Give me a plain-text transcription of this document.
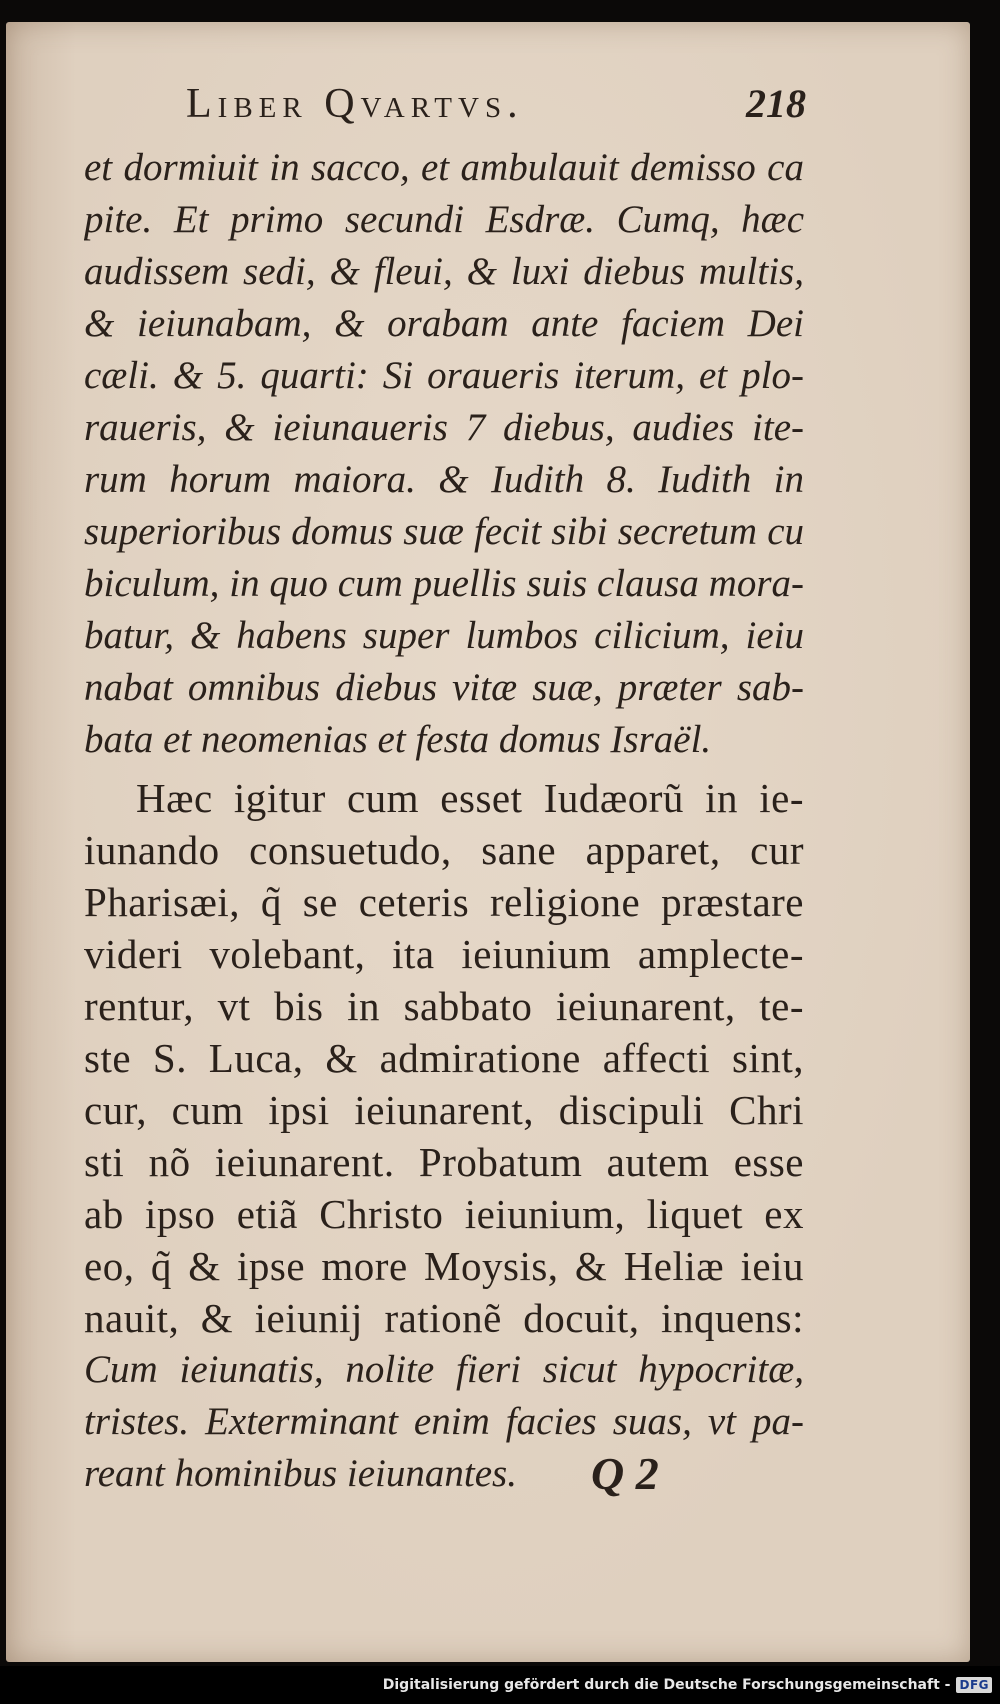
Liber Qvartvs.	218
et dormiuit in sacco, et ambulauit demisso ca
pite. Et primo secundi Esdræ. Cumq, hæc
audissem sedi, & fleui, & luxi diebus multis,
& ieiunabam, & orabam ante faciem Dei
cæli. & 5. quarti: Si oraueris iterum, et plo-
raueris, & ieiunaueris 7 diebus, audies ite-
rum horum maiora. & Iudith 8. Iudith in
superioribus domus suæ fecit sibi secretum cu
biculum, in quo cum puellis suis clausa mora-
batur, & habens super lumbos cilicium, ieiu
nabat omnibus diebus vitæ suæ, præter sab-
bata et neomenias et festa domus Israël.
Hæc igitur cum esset Iudæorũ in ie-
iunando consuetudo, sane apparet, cur
Pharisæi, q̃ se ceteris religione præstare
videri volebant, ita ieiunium amplecte-
rentur, vt bis in sabbato ieiunarent, te-
ste S. Luca, & admiratione affecti sint,
cur, cum ipsi ieiunarent, discipuli Chri
sti nõ ieiunarent. Probatum autem esse
ab ipso etiã Christo ieiunium, liquet ex
eo, q̃ & ipse more Moysis, & Heliæ ieiu
nauit, & ieiunij rationẽ docuit, inquens:
Cum ieiunatis, nolite fieri sicut hypocritæ,
tristes. Exterminant enim facies suas, vt pa-
reant hominibus ieiunantes.	Q 2
Digitalisierung gefördert durch die Deutsche Forschungsgemeinschaft - DFG
